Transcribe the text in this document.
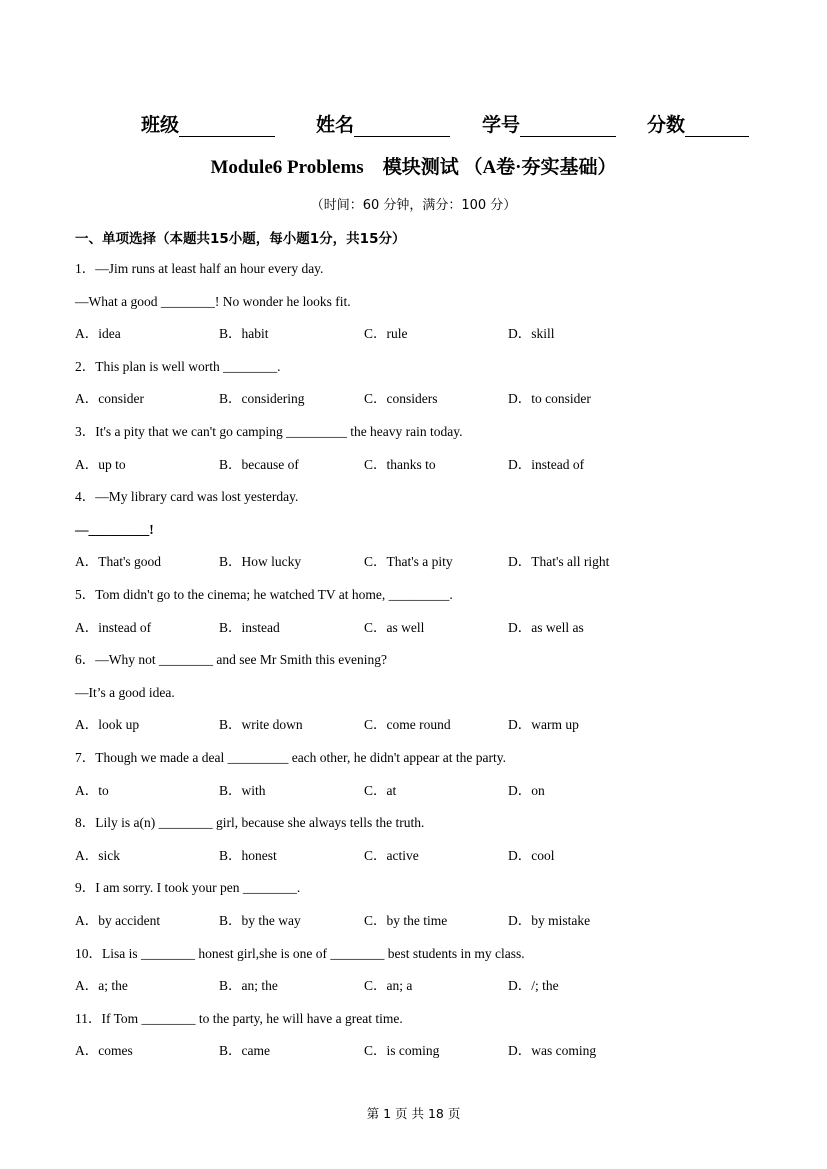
班级	姓名	学号	分数
Module6 Problems　模块测试 （A卷·夯实基础）
（时间：60 分钟，满分：100 分）
一、单项选择（本题共15小题，每小题1分，共15分）
1．—Jim runs at least half an hour every day.
—What a good ________! No wonder he looks fit.
A．idea	B．habit	C．rule	D．skill
2．This plan is well worth ________.
A．consider	B．considering	C．considers	D．to consider
3．It's a pity that we can't go camping _________ the heavy rain today.
A．up to	B．because of	C．thanks to	D．instead of
4．—My library card was lost yesterday.
—_________!
A．That's good	B．How lucky	C．That's a pity	D．That's all right
5．Tom didn't go to the cinema; he watched TV at home, _________.
A．instead of	B．instead	C．as well	D．as well as
6．—Why not ________ and see Mr Smith this evening?
—It’s a good idea.
A．look up	B．write down	C．come round	D．warm up
7．Though we made a deal _________ each other, he didn't appear at the party.
A．to	B．with	C．at	D．on
8．Lily is a(n) ________ girl, because she always tells the truth.
A．sick	B．honest	C．active	D．cool
9．I am sorry. I took your pen ________.
A．by accident	B．by the way	C．by the time	D．by mistake
10．Lisa is ________ honest girl,she is one of ________ best students in my class.
A．a; the	B．an; the	C．an; a	D．/; the
11．If Tom ________ to the party, he will have a great time.
A．comes	B．came	C．is coming	D．was coming
第 1 页 共 18 页
